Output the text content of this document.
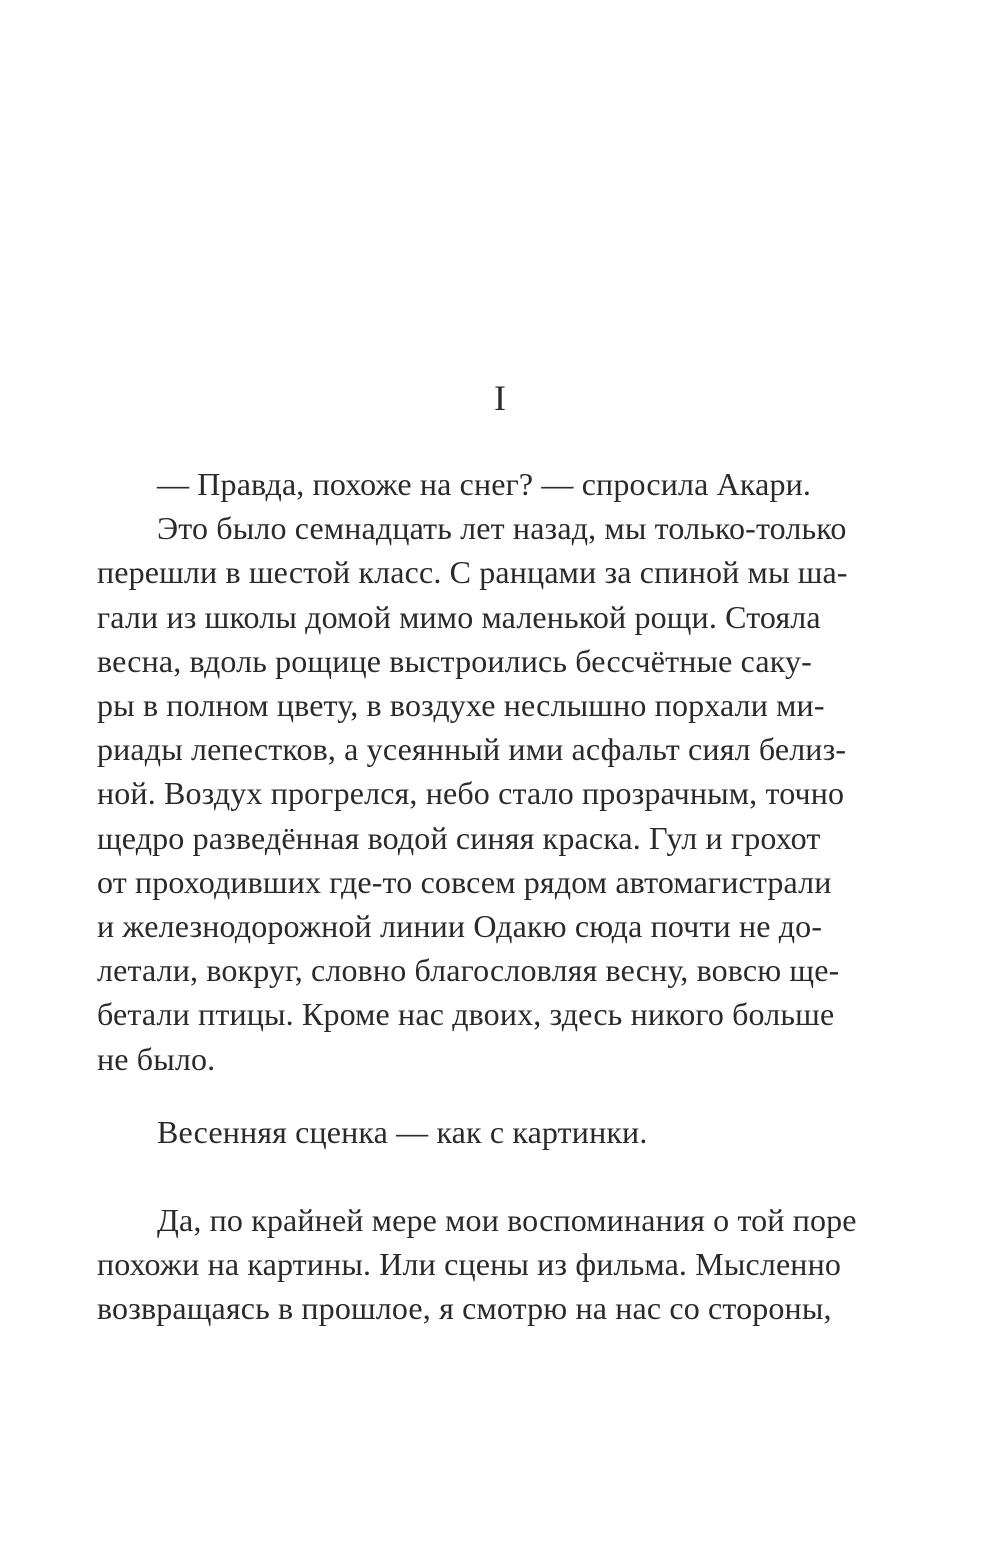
I

— Правда, похоже на снег? — спросила Акари.

Это было семнадцать лет назад, мы только-только
перешли в шестой класс. С ранцами за спиной мы ша-
гали из школы домой мимо маленькой рощи. Стояла
весна, вдоль рощице выстроились бессчётные саку-
ры в полном цвету, в воздухе неслышно порхали ми-
риады лепестков, а усеянный ими асфальт сиял белиз-
ной. Воздух прогрелся, небо стало прозрачным, точно
щедро разведённая водой синяя краска. Гул и грохот
от проходивших где-то совсем рядом автомагистрали
и железнодорожной линии Одакю сюда почти не до-
летали, вокруг, словно благословляя весну, вовсю ще-
бетали птицы. Кроме нас двоих, здесь никого больше
не было.

Весенняя сценка — как с картинки.

Да, по крайней мере мои воспоминания о той поре
похожи на картины. Или сцены из фильма. Мысленно
возвращаясь в прошлое, я смотрю на нас со стороны,
